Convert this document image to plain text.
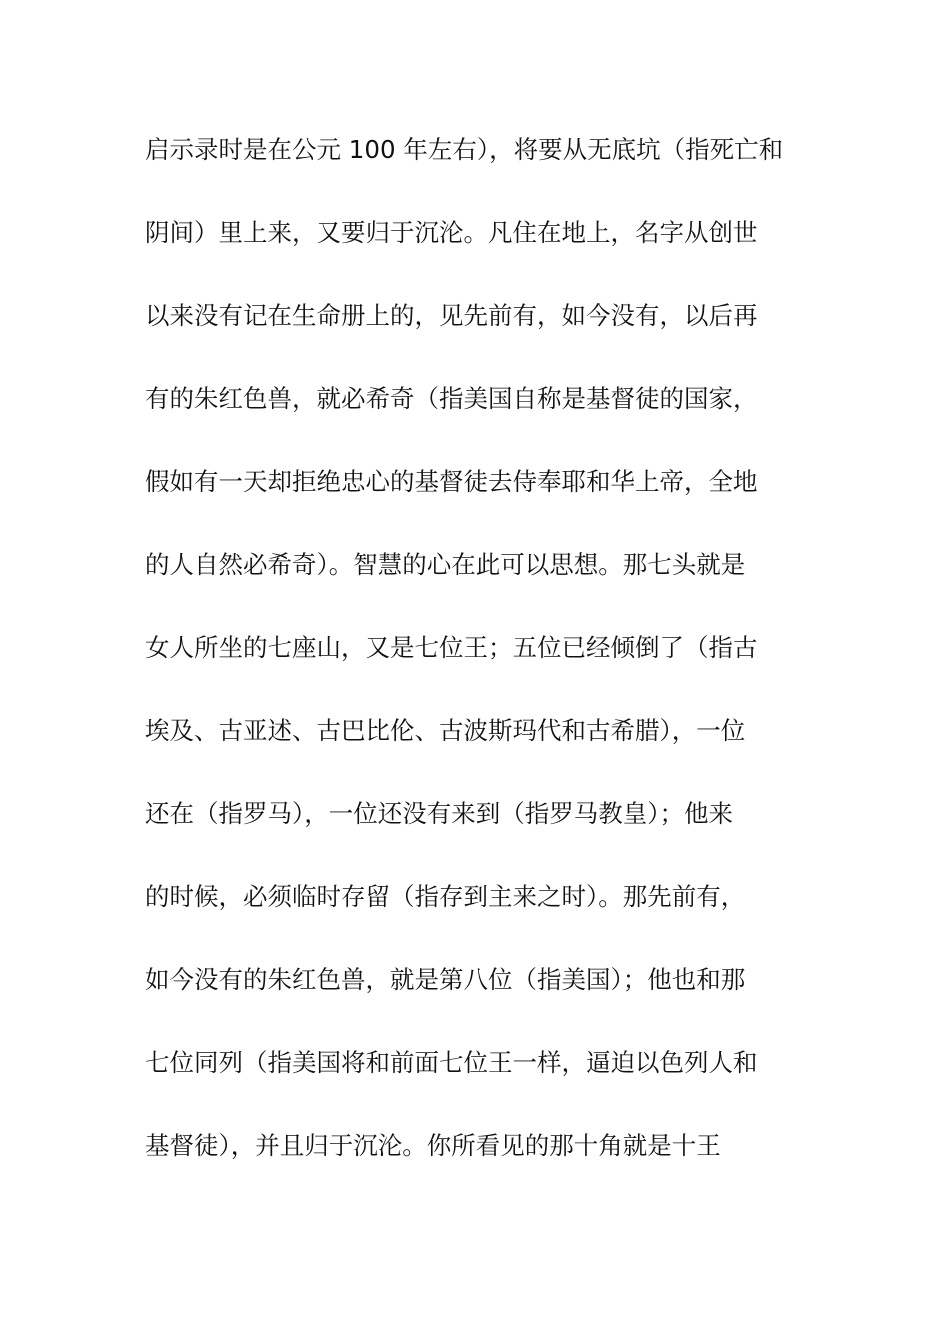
启示录时是在公元 100 年左右），将要从无底坑（指死亡和
阴间）里上来，又要归于沉沦。凡住在地上，名字从创世
以来没有记在生命册上的，见先前有，如今没有，以后再
有的朱红色兽，就必希奇（指美国自称是基督徒的国家，
假如有一天却拒绝忠心的基督徒去侍奉耶和华上帝，全地
的人自然必希奇）。智慧的心在此可以思想。那七头就是
女人所坐的七座山，又是七位王；五位已经倾倒了（指古
埃及、古亚述、古巴比伦、古波斯玛代和古希腊），一位
还在（指罗马），一位还没有来到（指罗马教皇）；他来
的时候，必须临时存留（指存到主来之时）。那先前有，
如今没有的朱红色兽，就是第八位（指美国）；他也和那
七位同列（指美国将和前面七位王一样，逼迫以色列人和
基督徒），并且归于沉沦。你所看见的那十角就是十王
